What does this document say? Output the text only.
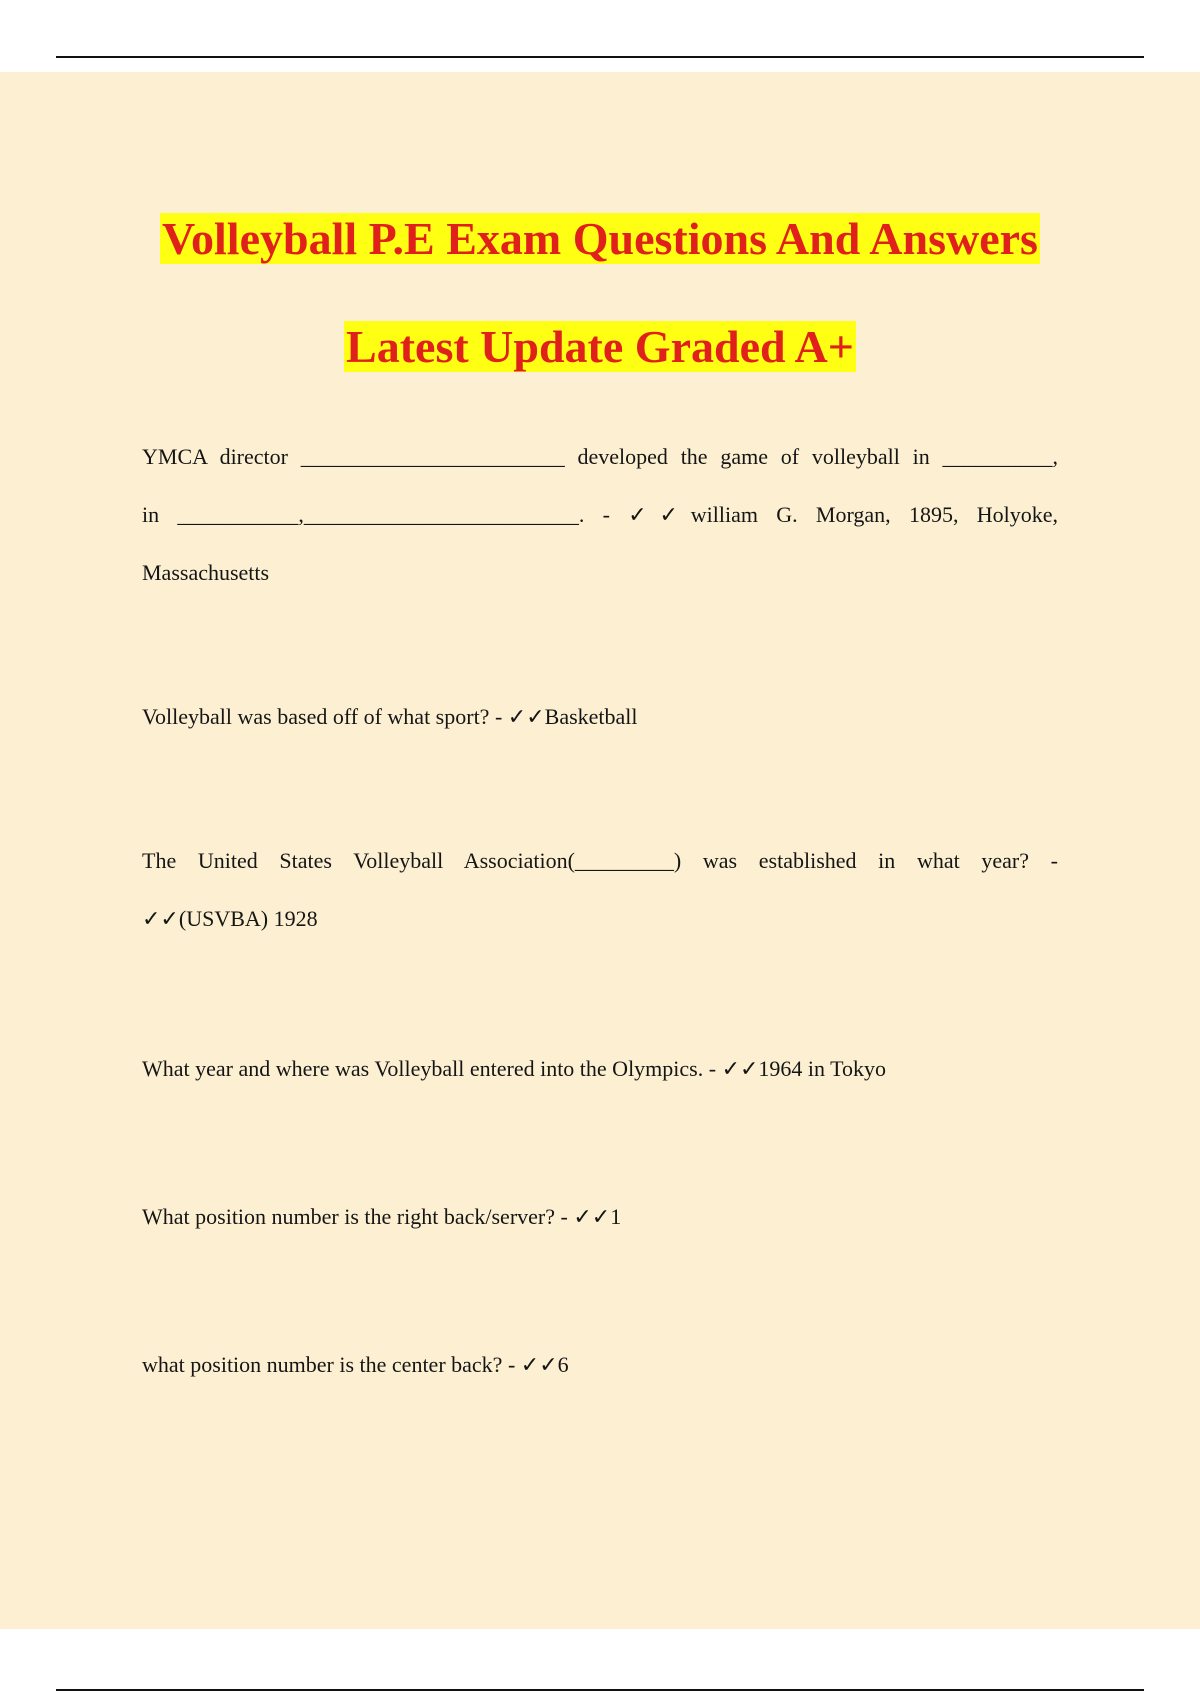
Volleyball P.E Exam Questions And Answers
Latest Update Graded A+
YMCA director ________________________ developed the game of volleyball in __________,
in ___________,_________________________. - ✓✓william G. Morgan, 1895, Holyoke,
Massachusetts
Volleyball was based off of what sport? - ✓✓Basketball
The United States Volleyball Association(_________) was established in what year? -
✓✓(USVBA) 1928
What year and where was Volleyball entered into the Olympics. - ✓✓1964 in Tokyo
What position number is the right back/server? - ✓✓1
what position number is the center back? - ✓✓6
